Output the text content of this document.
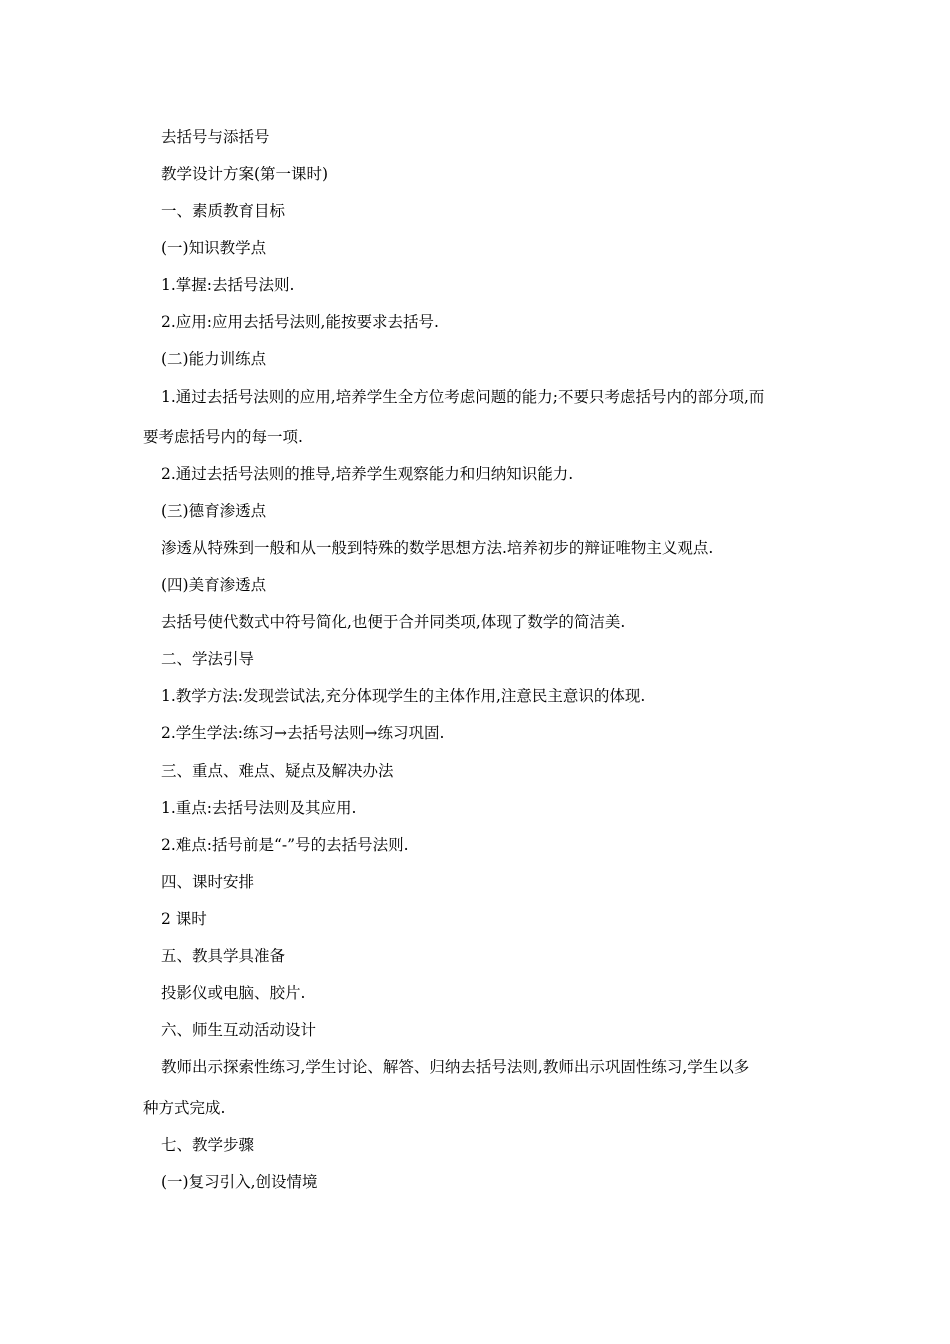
去括号与添括号
教学设计方案(第一课时)
一、素质教育目标
(一)知识教学点
1.掌握:去括号法则.
2.应用:应用去括号法则,能按要求去括号.
(二)能力训练点
1.通过去括号法则的应用,培养学生全方位考虑问题的能力;不要只考虑括号内的部分项,而
要考虑括号内的每一项.
2.通过去括号法则的推导,培养学生观察能力和归纳知识能力.
(三)德育渗透点
渗透从特殊到一般和从一般到特殊的数学思想方法.培养初步的辩证唯物主义观点.
(四)美育渗透点
去括号使代数式中符号简化,也便于合并同类项,体现了数学的简洁美.
二、学法引导
1.教学方法:发现尝试法,充分体现学生的主体作用,注意民主意识的体现.
2.学生学法:练习→去括号法则→练习巩固.
三、重点、难点、疑点及解决办法
1.重点:去括号法则及其应用.
2.难点:括号前是“-”号的去括号法则.
四、课时安排
2 课时
五、教具学具准备
投影仪或电脑、胶片.
六、师生互动活动设计
教师出示探索性练习,学生讨论、解答、归纳去括号法则,教师出示巩固性练习,学生以多
种方式完成.
七、教学步骤
(一)复习引入,创设情境
